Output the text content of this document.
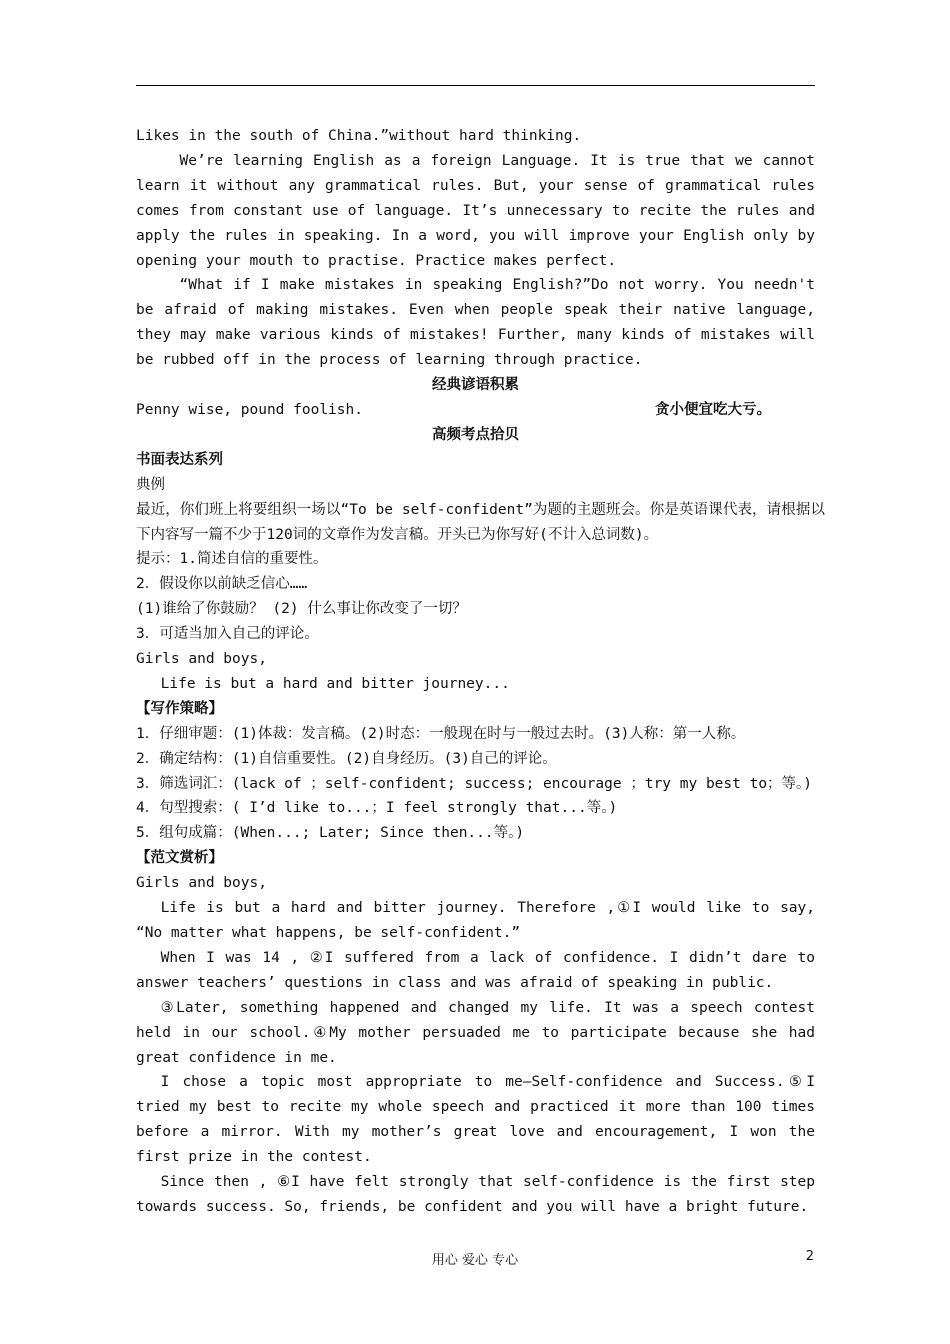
Likes in the south of China.”without hard thinking.

We’re learning English as a foreign Language. It is true that we cannot learn it without any grammatical rules. But, your sense of grammatical rules comes from constant use of language. It’s unnecessary to recite the rules and apply the rules in speaking. In a word, you will improve your English only by opening your mouth to practise. Practice makes perfect.

“What if I make mistakes in speaking English?”Do not worry. You needn't be afraid of making mistakes. Even when people speak their native language, they may make various kinds of mistakes! Further, many kinds of mistakes will be rubbed off in the process of learning through practice.

经典谚语积累

Penny wise, pound foolish.	贪小便宜吃大亏。

高频考点拾贝

书面表达系列

典例

最近，你们班上将要组织一场以“To be self-confident”为题的主题班会。你是英语课代表，请根据以下内容写一篇不少于120词的文章作为发言稿。开头已为你写好(不计入总词数)。

提示：1.简述自信的重要性。

2．假设你以前缺乏信心……

(1)谁给了你鼓励？ (2) 什么事让你改变了一切？

3．可适当加入自己的评论。

Girls and boys,

Life is but a hard and bitter journey...

【写作策略】

1．仔细审题：(1)体裁：发言稿。(2)时态：一般现在时与一般过去时。(3)人称：第一人称。

2．确定结构：(1)自信重要性。(2)自身经历。(3)自己的评论。

3．筛选词汇：(lack of ；self-confident; success; encourage ；try my best to；等。)

4．句型搜索：( I’d like to...；I feel strongly that...等。)

5．组句成篇：(When...; Later; Since then...等。)

【范文赏析】

Girls and boys,

Life is but a hard and bitter journey. Therefore ,①I would like to say, “No matter what happens, be self-confident.”

When I was 14 , ②I suffered from a lack of confidence. I didn’t dare to answer teachers’ questions in class and was afraid of speaking in public.

③Later, something happened and changed my life. It was a speech contest held in our school.④My mother persuaded me to participate because she had great confidence in me.

I chose a topic most appropriate to me—Self-confidence and Success.⑤I tried my best to recite my whole speech and practiced it more than 100 times before a mirror. With my mother’s great love and encouragement, I won the first prize in the contest.

Since then , ⑥I have felt strongly that self-confidence is the first step towards success. So, friends, be confident and you will have a bright future.

用心 爱心 专心	2
